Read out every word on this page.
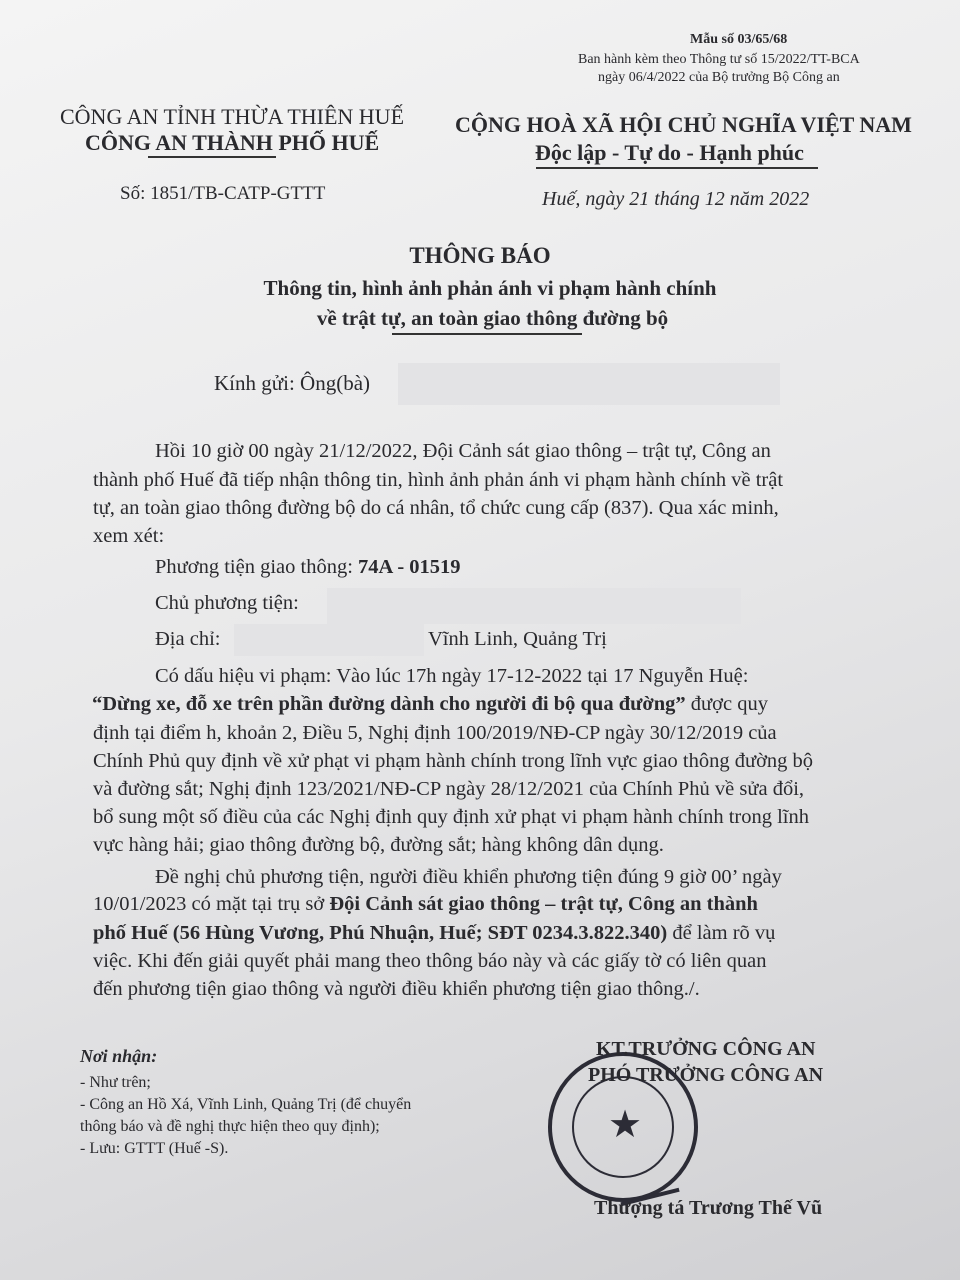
Mẫu số 03/65/68
Ban hành kèm theo Thông tư số 15/2022/TT-BCA
ngày 06/4/2022 của Bộ trưởng Bộ Công an
CÔNG AN TỈNH THỪA THIÊN HUẾ
CÔNG AN THÀNH PHỐ HUẾ
CỘNG HOÀ XÃ HỘI CHỦ NGHĨA VIỆT NAM
Độc lập - Tự do - Hạnh phúc
Số: 1851/TB-CATP-GTTT	Huế, ngày 21 tháng 12 năm 2022
THÔNG BÁO
Thông tin, hình ảnh phản ánh vi phạm hành chính
về trật tự, an toàn giao thông đường bộ
Kính gửi: Ông(bà)
Hồi 10 giờ 00 ngày 21/12/2022, Đội Cảnh sát giao thông – trật tự, Công an
thành phố Huế đã tiếp nhận thông tin, hình ảnh phản ánh vi phạm hành chính về trật
tự, an toàn giao thông đường bộ do cá nhân, tổ chức cung cấp (837). Qua xác minh,
xem xét:
Phương tiện giao thông: 74A - 01519
Chủ phương tiện:
Địa chỉ:	Vĩnh Linh, Quảng Trị
Có dấu hiệu vi phạm: Vào lúc 17h ngày 17-12-2022 tại 17 Nguyễn Huệ:
“Dừng xe, đỗ xe trên phần đường dành cho người đi bộ qua đường” được quy
định tại điểm h, khoản 2, Điều 5, Nghị định 100/2019/NĐ-CP ngày 30/12/2019 của
Chính Phủ quy định về xử phạt vi phạm hành chính trong lĩnh vực giao thông đường bộ
và đường sắt; Nghị định 123/2021/NĐ-CP ngày 28/12/2021 của Chính Phủ về sửa đổi,
bổ sung một số điều của các Nghị định quy định xử phạt vi phạm hành chính trong lĩnh
vực hàng hải; giao thông đường bộ, đường sắt; hàng không dân dụng.
Đề nghị chủ phương tiện, người điều khiển phương tiện đúng 9 giờ 00’ ngày
10/01/2023 có mặt tại trụ sở Đội Cảnh sát giao thông – trật tự, Công an thành
phố Huế (56 Hùng Vương, Phú Nhuận, Huế; SĐT 0234.3.822.340) để làm rõ vụ
việc. Khi đến giải quyết phải mang theo thông báo này và các giấy tờ có liên quan
đến phương tiện giao thông và người điều khiển phương tiện giao thông./.
Nơi nhận:
- Như trên;
- Công an Hồ Xá, Vĩnh Linh, Quảng Trị (để chuyển
thông báo và đề nghị thực hiện theo quy định);
- Lưu: GTTT (Huế -S).
★
KT.TRƯỞNG CÔNG AN
PHÓ TRƯỞNG CÔNG AN
Thượng tá Trương Thế Vũ
